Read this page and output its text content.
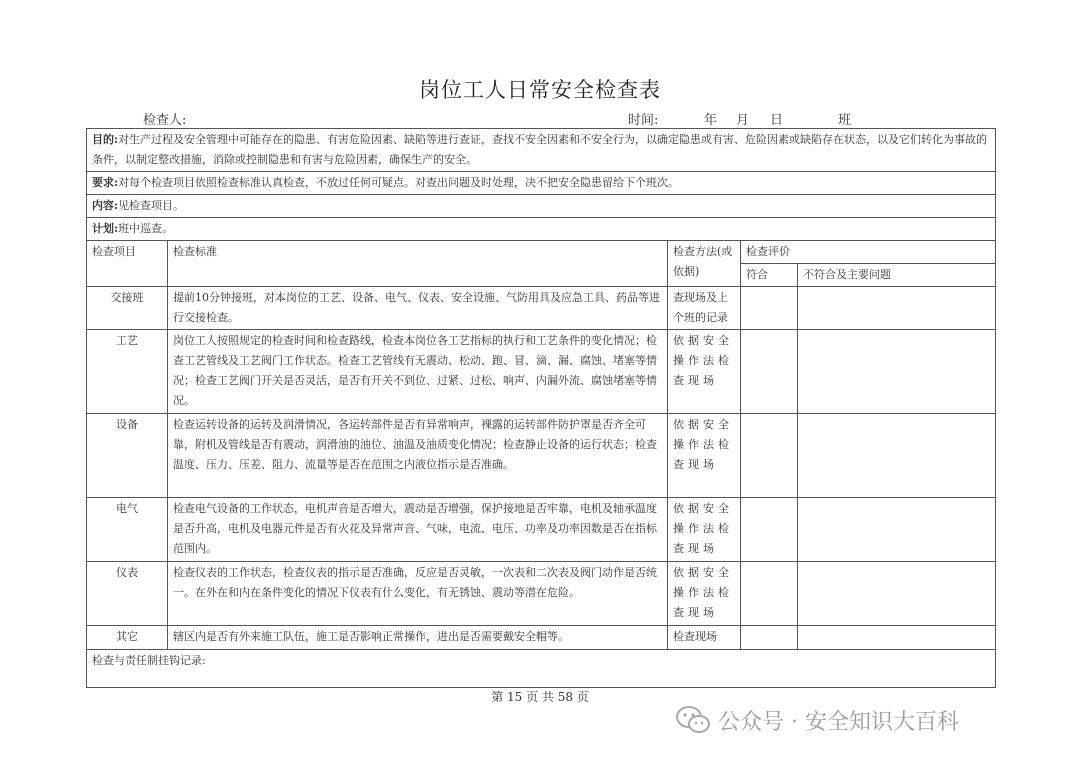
岗位工人日常安全检查表
检查人:	时间:	年 月 日	班
目的:对生产过程及安全管理中可能存在的隐患、有害危险因素、缺陷等进行查证，查找不安全因素和不安全行为，以确定隐患或有害、危险因素或缺陷存在状态，以及它们转化为事故的条件，以制定整改措施，消除或控制隐患和有害与危险因素，确保生产的安全。				
要求:对每个检查项目依照检查标准认真检查，不放过任何可疑点。对查出问题及时处理，决不把安全隐患留给下个班次。				
内容:见检查项目。				
计划:班中巡查。				
检查项目	检查标准	检查方法(或依据)	检查评价	
			符合	不符合及主要问题
交接班	提前10分钟接班，对本岗位的工艺、设备、电气、仪表、安全设施、气防用具及应急工具、药品等进行交接检查。	查现场及上个班的记录		
工艺	岗位工人按照规定的检查时间和检查路线，检查本岗位各工艺指标的执行和工艺条件的变化情况；检查工艺管线及工艺阀门工作状态。检查工艺管线有无震动、松动、跑、冒、滴、漏、腐蚀、堵塞等情况；检查工艺阀门开关是否灵活，是否有开关不到位、过紧、过松、响声、内漏外流、腐蚀堵塞等情况。	依据安全操作法检查现场		
设备	检查运转设备的运转及润滑情况，各运转部件是否有异常响声，裸露的运转部件防护罩是否齐全可靠，附机及管线是否有震动，润滑油的油位、油温及油质变化情况；检查静止设备的运行状态；检查温度、压力、压差、阻力、流量等是否在范围之内液位指示是否准确。	依据安全操作法检查现场		
电气	检查电气设备的工作状态，电机声音是否增大，震动是否增强，保护接地是否牢靠，电机及轴承温度是否升高，电机及电器元件是否有火花及异常声音、气味，电流、电压、功率及功率因数是否在指标范围内。	依据安全操作法检查现场		
仪表	检查仪表的工作状态，检查仪表的指示是否准确，反应是否灵敏，一次表和二次表及阀门动作是否统一。在外在和内在条件变化的情况下仪表有什么变化，有无锈蚀、震动等潜在危险。	依据安全操作法检查现场		
其它	辖区内是否有外来施工队伍，施工是否影响正常操作，进出是否需要戴安全帽等。	检查现场		
检查与责任制挂钩记录:				
第 15 页 共 58 页
公众号 · 安全知识大百科
